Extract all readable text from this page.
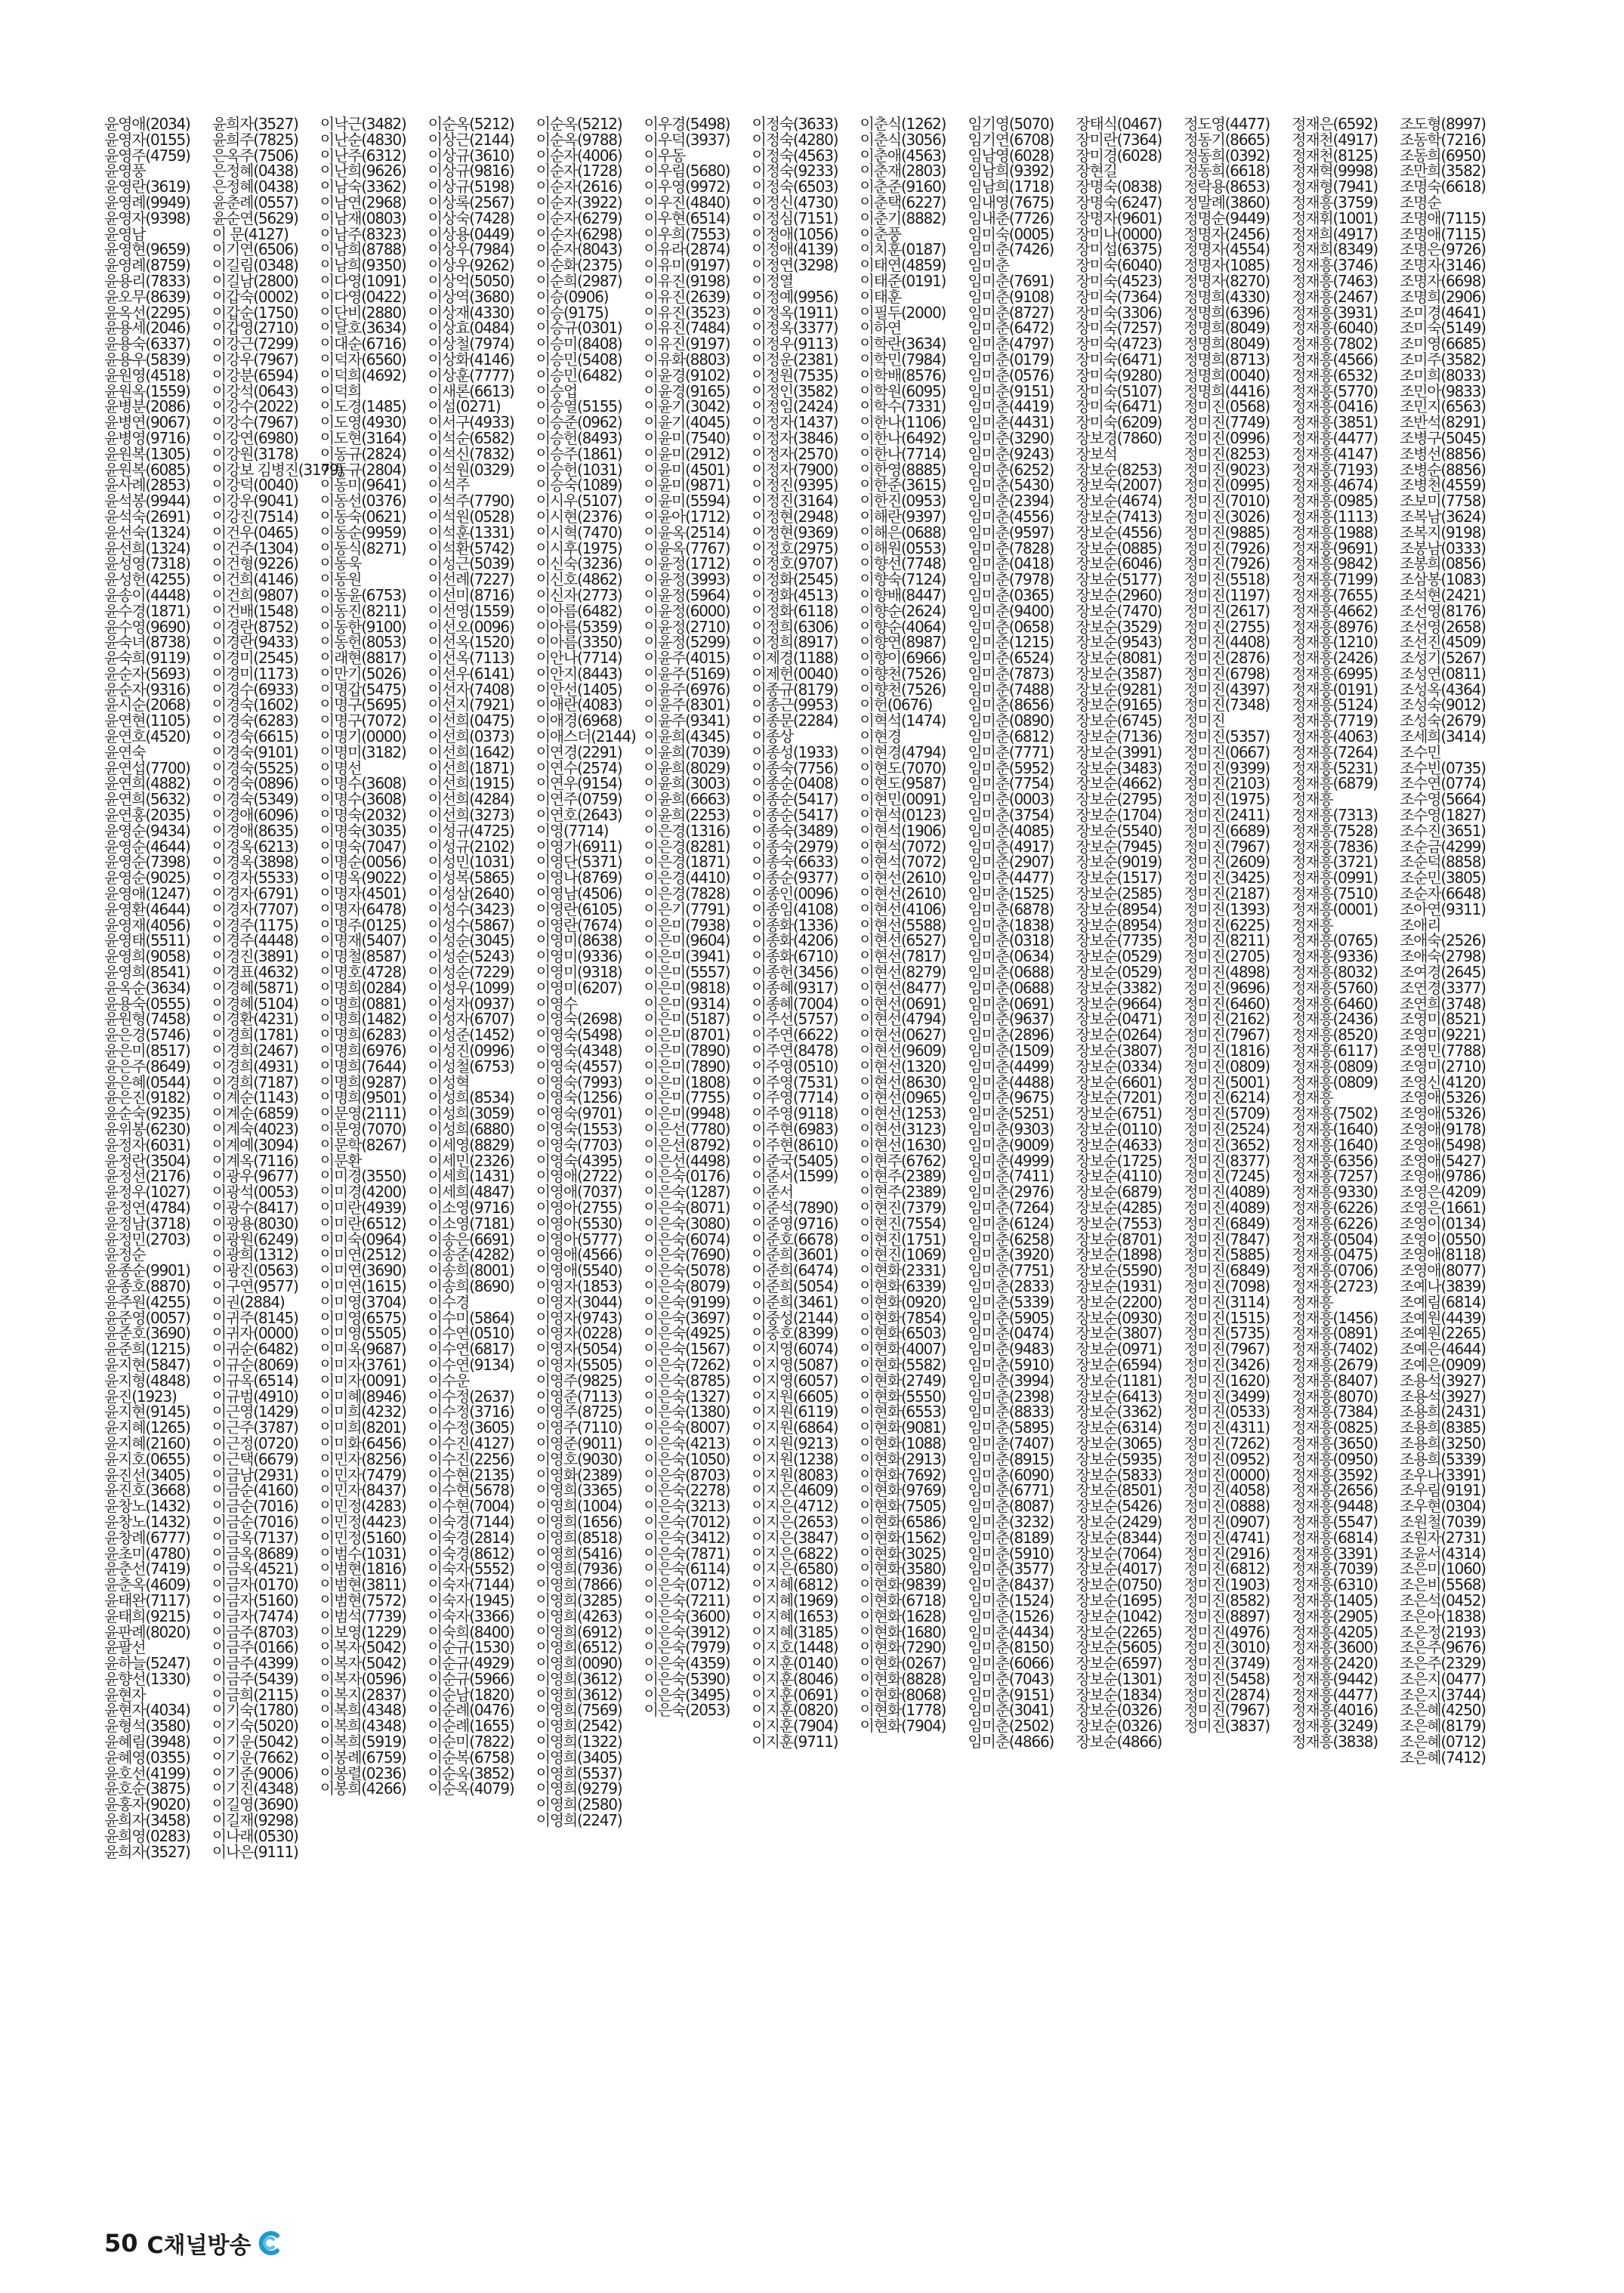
윤영애(2034)
윤영자(0155)
윤영주(4759)
윤영풍
윤영란(3619)
윤영례(9949)
윤영자(9398)
윤영남
윤영현(9659)
윤영례(8759)
윤용리(7833)
윤오무(8639)
윤옥선(2295)
윤용세(2046)
윤용숙(6337)
윤용우(5839)
윤원영(4518)
윤원옥(1559)
윤병분(2086)
윤병연(9067)
윤병영(9716)
윤원복(1305)
윤원복(6085)
윤사례(2853)
윤석봉(9944)
윤석숙(2691)
윤선숙(1324)
윤선희(1324)
윤성영(7318)
윤성헌(4255)
윤송이(4448)
윤수경(1871)
윤수영(9690)
윤숙녀(8738)
윤숙희(9119)
윤순자(5693)
윤순자(9316)
윤시순(2068)
윤연현(1105)
윤연호(4520)
윤연숙
윤연섭(7700)
윤연희(4882)
윤연희(5632)
윤연홍(2035)
윤영순(9434)
윤영순(4644)
윤영순(7398)
윤영순(9025)
윤영애(1247)
윤영환(4644)
윤영재(4056)
윤영태(5511)
윤영희(9058)
윤영희(8541)
윤옥순(3634)
윤용숙(0555)
윤원형(7458)
윤은경(5746)
윤은미(8517)
윤은주(8649)
윤은혜(0544)
윤은진(9182)
윤순숙(9235)
윤위봉(6230)
윤정자(6031)
윤정란(3504)
윤정선(2176)
윤정우(1027)
윤정연(4784)
윤정남(3718)
윤정민(2703)
윤정순
윤종순(9901)
윤종호(8870)
윤주원(4255)
윤준영(0057)
윤준호(3690)
윤준희(1215)
윤지현(5847)
윤지형(4848)
윤진(1923)
윤지현(9145)
윤지혜(1265)
윤지혜(2160)
윤지호(0655)
윤진선(3405)
윤진호(3668)
윤창노(1432)
윤창노(1432)
윤창례(6777)
윤초미(4780)
윤춘선(7419)
윤춘옥(4609)
윤태완(7117)
윤태희(9215)
윤판례(8020)
윤팔선
윤하늘(5247)
윤향선(1330)
윤현자
윤현자(4034)
윤형석(3580)
윤혜림(3948)
윤혜영(0355)
윤호선(4199)
윤호순(3875)
윤홍자(9020)
윤희자(3458)
윤희영(0283)
윤희자(3527)
윤희자(3527)
윤희주(7825)
은옥주(7506)
은정혜(0438)
은정혜(0438)
윤춘례(0557)
윤순연(5629)
이 문(4127)
이기연(6506)
이길림(0348)
이길남(2800)
이갑숙(0002)
이갑순(1750)
이갑영(2710)
이강근(7299)
이강우(7967)
이강분(6594)
이강석(0643)
이강수(2022)
이강수(7967)
이강연(6980)
이강원(3178)
이강보 김병진(3179)
이강덕(0040)
이강우(9041)
이강진(7514)
이건우(0465)
이건주(1304)
이건형(9226)
이건희(4146)
이건희(9807)
이건배(1548)
이경란(8752)
이경란(9433)
이경미(2545)
이경미(1173)
이경수(6933)
이경숙(1602)
이경숙(6283)
이경숙(6615)
이경숙(9101)
이경숙(5525)
이경숙(0896)
이경숙(5349)
이경애(6096)
이경애(8635)
이경옥(6213)
이경옥(3898)
이경자(5533)
이경자(6791)
이경자(7707)
이경주(1175)
이경주(4448)
이경진(3891)
이경표(4632)
이경혜(5871)
이경혜(5104)
이경환(4231)
이경희(1781)
이경희(2467)
이경희(4931)
이경희(7187)
이계순(1143)
이계순(6859)
이계숙(4023)
이계예(3094)
이계옥(7116)
이광우(9677)
이광석(0053)
이광수(8417)
이광용(8030)
이광원(6249)
이광희(1312)
이광진(0563)
이구연(9577)
이권(2884)
이귀주(8145)
이귀자(0000)
이귀순(6482)
이규순(8069)
이규옥(6514)
이규범(4910)
이근영(1429)
이근주(3787)
이근정(0720)
이근택(6679)
이금남(2931)
이금순(4160)
이금순(7016)
이금순(7016)
이금옥(7137)
이금옥(8689)
이금옥(4521)
이금자(0170)
이금자(5160)
이금자(7474)
이금주(8703)
이금주(0166)
이금주(4399)
이금주(5439)
이금희(2115)
이기숙(1780)
이기숙(5020)
이기운(5042)
이기운(7662)
이기준(9006)
이기진(4348)
이길영(3690)
이길재(9298)
이나래(0530)
이나은(9111)
이낙근(3482)
이난순(4830)
이난주(6312)
이난희(9626)
이남숙(3362)
이남연(2968)
이남재(0803)
이남주(8323)
이남희(8788)
이남희(9350)
이다영(1091)
이다영(0422)
이단비(2880)
이달호(3634)
이대순(6716)
이덕자(6560)
이덕희(4692)
이덕희
이도경(1485)
이도영(4930)
이도현(3164)
이동규(2824)
이동규(2804)
이동미(9641)
이동선(0376)
이동숙(0621)
이동순(9959)
이동식(8271)
이동욱
이동원
이동윤(6753)
이동진(8211)
이동한(9100)
이동헌(8053)
이래현(8817)
이만기(5026)
이명갑(5475)
이명구(5695)
이명구(7072)
이명기(0000)
이명미(3182)
이명선
이명수(3608)
이명수(3608)
이명숙(2032)
이명숙(3035)
이명숙(7047)
이명순(0056)
이명옥(9022)
이명자(4501)
이명자(6478)
이명주(0125)
이명재(5407)
이명철(8587)
이명호(4728)
이명희(0284)
이명희(0881)
이명희(1482)
이명희(6283)
이명희(6976)
이명희(7644)
이명희(9287)
이명희(9501)
이문영(2111)
이문영(7070)
이문학(8267)
이문환
이미경(3550)
이미경(4200)
이미란(4939)
이미란(6512)
이미숙(0964)
이미연(2512)
이미연(3690)
이미연(1615)
이미영(3704)
이미영(6575)
이미영(5505)
이미옥(9687)
이미자(3761)
이미자(0091)
이미혜(8946)
이미희(4232)
이미희(8201)
이미화(6456)
이민자(8256)
이민자(7479)
이민자(8437)
이민정(4283)
이민정(4423)
이민정(5160)
이범수(1031)
이범현(1816)
이범현(3811)
이범현(7572)
이범석(7739)
이보영(1229)
이복자(5042)
이복자(5042)
이복자(0596)
이복지(2837)
이복희(4348)
이복희(4348)
이복희(5919)
이봉례(6759)
이봉렬(0236)
이봉희(4266)
이순옥(5212)
이상근(2144)
이상규(3610)
이상규(9816)
이상규(5198)
이상록(2567)
이상숙(7428)
이상용(0449)
이상우(7984)
이상우(9262)
이상억(5050)
이상역(3680)
이상재(4330)
이상효(0484)
이상철(7974)
이상화(4146)
이상훈(7777)
이새론(6613)
이섬(0271)
이서구(4933)
이석순(6582)
이석신(7832)
이석원(0329)
이석주
이석주(7790)
이석원(0528)
이석훈(1331)
이석환(5742)
이성근(5039)
이선례(7227)
이선미(8716)
이선영(1559)
이선오(0096)
이선옥(1520)
이선옥(7113)
이선우(6141)
이선자(7408)
이선지(7921)
이선희(0475)
이선희(0373)
이선희(1642)
이선희(1871)
이선희(1915)
이선희(4284)
이선희(3273)
이성규(4725)
이성규(2102)
이성민(1031)
이성복(5865)
이성삼(2640)
이성수(3423)
이성수(5867)
이성순(3045)
이성순(5243)
이성순(7229)
이성우(1099)
이성자(0937)
이성자(6707)
이성준(1452)
이성진(0996)
이성철(6753)
이성혁
이성희(8534)
이성희(3059)
이성희(6880)
이세영(8829)
이세민(2326)
이세희(1431)
이세희(4847)
이소영(9716)
이소영(7181)
이송은(6691)
이송준(4282)
이송희(8001)
이송희(8690)
이수경
이수미(5864)
이수연(0510)
이수연(6817)
이수연(9134)
이수운
이수정(2637)
이수정(3716)
이수정(3605)
이수진(4127)
이수진(2256)
이수현(2135)
이수현(5678)
이수현(7004)
이숙경(7144)
이숙경(2814)
이숙경(8612)
이숙자(5552)
이숙자(7144)
이숙자(1945)
이숙자(3366)
이숙희(8400)
이순규(1530)
이순규(4929)
이순규(5966)
이순남(1820)
이순례(0476)
이순례(1655)
이순미(7822)
이순복(6758)
이순옥(3852)
이순옥(4079)
이순옥(5212)
이순옥(9788)
이순자(4006)
이순자(1728)
이순자(2616)
이순자(3922)
이순자(6279)
이순자(6298)
이순자(8043)
이순화(2375)
이순희(2987)
이승(0906)
이승(9175)
이승규(0301)
이승미(8408)
이승민(5408)
이승민(6482)
이승업
이승열(5155)
이승준(0962)
이승헌(8493)
이승주(1861)
이승헌(1031)
이승숙(1089)
이시우(5107)
이시현(2376)
이시혁(7470)
이시후(1975)
이신숙(3236)
이신호(4862)
이신자(2773)
이아름(6482)
이아름(5359)
이아름(3350)
이안나(7714)
이안지(8443)
이안선(1405)
이애란(4083)
이애경(6968)
이애스더(2144)
이연경(2291)
이연수(2574)
이연우(9154)
이연주(0759)
이연호(2643)
이영(7714)
이영가(6911)
이영단(5371)
이영나(8769)
이영남(4506)
이영란(6105)
이영란(7674)
이영미(8638)
이영미(9336)
이영미(9318)
이영미(6207)
이영수
이영숙(2698)
이영숙(5498)
이영숙(4348)
이영숙(4557)
이영숙(7993)
이영숙(1256)
이영숙(9701)
이영숙(1553)
이영숙(7703)
이영숙(4395)
이영애(2722)
이영애(7037)
이영아(2755)
이영아(5530)
이영아(5777)
이영애(4566)
이영애(5540)
이영자(1853)
이영자(3044)
이영자(9743)
이영자(0228)
이영자(5054)
이영자(5505)
이영주(9825)
이영준(7113)
이영주(8725)
이영주(7110)
이영준(9011)
이영호(9030)
이영화(2389)
이영희(3365)
이영희(1004)
이영희(1656)
이영희(8518)
이영희(5416)
이영희(7936)
이영희(7866)
이영희(3285)
이영희(4263)
이영희(6912)
이영희(6512)
이영희(0090)
이영희(3612)
이영희(3612)
이영희(7569)
이영희(2542)
이영희(1322)
이영희(3405)
이영희(5537)
이영희(9279)
이영희(2580)
이영희(2247)
이우경(5498)
이우덕(3937)
이우동
이우림(5680)
이우영(9972)
이우진(4840)
이우현(6514)
이우희(7553)
이유라(2874)
이유미(9197)
이유진(9198)
이유진(2639)
이유진(3523)
이유진(7484)
이유진(9197)
이유화(8803)
이윤경(9102)
이윤경(9165)
이윤기(3042)
이윤기(4045)
이윤미(7540)
이윤미(2912)
이윤미(4501)
이윤미(9871)
이윤미(5594)
이윤아(1712)
이윤옥(2514)
이윤옥(7767)
이윤정(1712)
이윤정(3993)
이윤정(5964)
이윤정(6000)
이윤정(2710)
이윤정(5299)
이윤주(4015)
이윤주(5169)
이윤주(6976)
이윤주(8301)
이윤주(9341)
이윤희(4345)
이윤희(7039)
이윤희(8029)
이윤희(3003)
이윤희(6663)
이윤희(2253)
이은경(1316)
이은경(8281)
이은경(1871)
이은경(4410)
이은경(7828)
이은기(7791)
이은미(7938)
이은미(9604)
이은미(3941)
이은미(5557)
이은미(9818)
이은미(9314)
이은미(5187)
이은미(8701)
이은미(7890)
이은미(7890)
이은미(1808)
이은미(7755)
이은미(9948)
이은선(7780)
이은선(8792)
이은선(4498)
이은숙(0176)
이은숙(1287)
이은숙(8071)
이은숙(3080)
이은숙(6074)
이은숙(7690)
이은숙(5078)
이은숙(8079)
이은숙(9199)
이은숙(3697)
이은숙(4925)
이은숙(1567)
이은숙(7262)
이은숙(8785)
이은숙(1327)
이은숙(1380)
이은숙(8007)
이은숙(4213)
이은숙(1050)
이은숙(8703)
이은숙(2278)
이은숙(3213)
이은숙(7012)
이은숙(3412)
이은숙(7871)
이은숙(6114)
이은숙(0712)
이은숙(7211)
이은숙(3600)
이은숙(3912)
이은숙(7979)
이은숙(4359)
이은숙(5390)
이은숙(3495)
이은숙(2053)
이정숙(3633)
이정숙(4280)
이정숙(4563)
이정숙(9233)
이정숙(6503)
이정신(4730)
이정심(7151)
이정애(1056)
이정애(4139)
이정연(3298)
이정열
이정예(9956)
이정옥(1911)
이정옥(3377)
이정우(9113)
이정운(2381)
이정원(7535)
이정인(3582)
이정임(2424)
이정자(1437)
이정자(3846)
이정자(2570)
이정자(7900)
이정진(9395)
이정진(3164)
이정현(2948)
이정현(9369)
이정호(2975)
이정호(9707)
이정화(2545)
이정화(4513)
이정화(6118)
이정희(6306)
이정희(8917)
이제경(1188)
이제헌(0040)
이종규(8179)
이종근(9953)
이종문(2284)
이종상
이종성(1933)
이종숙(7756)
이종순(0408)
이종순(5417)
이종순(5417)
이종숙(3489)
이종숙(2979)
이종숙(6633)
이종순(9377)
이종인(0096)
이종임(4108)
이종화(1336)
이종화(4206)
이종화(6710)
이종헌(3456)
이종혜(9317)
이종혜(7004)
이주선(5757)
이주연(6622)
이주연(8478)
이주영(0510)
이주영(7531)
이주영(7714)
이주영(9118)
이주현(6983)
이주현(8610)
이준국(5405)
이준서(1599)
이준서
이준석(7890)
이준영(9716)
이준호(6678)
이준희(3601)
이준희(6474)
이준희(5054)
이준희(3461)
이중성(2144)
이중호(8399)
이지영(6074)
이지영(5087)
이지영(6057)
이지원(6605)
이지원(6119)
이지원(6864)
이지원(9213)
이지원(1238)
이지원(8083)
이지은(4609)
이지은(4712)
이지은(2653)
이지은(3847)
이지은(6822)
이지은(6580)
이지혜(6812)
이지혜(1969)
이지혜(1653)
이지혜(3185)
이지호(1448)
이지훈(0140)
이지훈(8046)
이지훈(0691)
이지훈(0820)
이지훈(7904)
이지훈(9711)
이춘식(1262)
이춘식(3056)
이춘애(4563)
이춘재(2803)
이춘준(9160)
이춘택(6227)
이춘기(8882)
이춘풍
이치훈(0187)
이태연(4859)
이태준(0191)
이태훈
이필두(2000)
이하연
이학란(3634)
이학민(7984)
이학배(8576)
이학원(6095)
이학수(7331)
이한나(1106)
이한나(6492)
이한나(7714)
이한영(8885)
이한준(3615)
이한진(0953)
이해란(9397)
이해은(0688)
이해원(0553)
이향선(7748)
이향숙(7124)
이향배(8447)
이향순(2624)
이향순(4064)
이향연(8987)
이향이(6966)
이향천(7526)
이향천(7526)
이헌(0676)
이혁석(1474)
이현경
이현경(4794)
이현도(7070)
이현도(9587)
이현민(0091)
이현석(0123)
이현석(1906)
이현석(7072)
이현석(7072)
이현선(2610)
이현선(2610)
이현선(4106)
이현선(5588)
이현선(6527)
이현선(7817)
이현선(8279)
이현선(8477)
이현선(0691)
이현선(4794)
이현선(0627)
이현선(9609)
이현선(1320)
이현선(8630)
이현선(0965)
이현선(1253)
이현선(3123)
이현선(1630)
이현주(6762)
이현주(2389)
이현주(2389)
이현진(7379)
이현진(7554)
이현진(1751)
이현진(1069)
이현화(2331)
이현화(6339)
이현화(0920)
이현화(7854)
이현화(6503)
이현화(4007)
이현화(5582)
이현화(2749)
이현화(5550)
이현화(6553)
이현화(9081)
이현화(1088)
이현화(2913)
이현화(7692)
이현화(9769)
이현화(7505)
이현화(6586)
이현화(1562)
이현화(3025)
이현화(3580)
이현화(9839)
이현화(6718)
이현화(1628)
이현화(1680)
이현화(7290)
이현화(0267)
이현화(8828)
이현화(8068)
이현화(1778)
이현화(7904)
임기영(5070)
임기연(6708)
임남영(6028)
임남희(9392)
임남희(1718)
임내영(7675)
임내춘(7726)
임미숙(0005)
임미춘(7426)
임미춘
임미춘(7691)
임미춘(9108)
임미춘(8727)
임미춘(6472)
임미춘(4797)
임미춘(0179)
임미춘(0576)
임미춘(9151)
임미춘(4419)
임미춘(4431)
임미춘(3290)
임미춘(9243)
임미춘(6252)
임미춘(5430)
임미춘(2394)
임미춘(4556)
임미춘(9597)
임미춘(7828)
임미춘(0418)
임미춘(7978)
임미춘(0365)
임미춘(9400)
임미춘(0658)
임미춘(1215)
임미춘(6524)
임미춘(7873)
임미춘(7488)
임미춘(8656)
임미춘(0890)
임미춘(6812)
임미춘(7771)
임미춘(5952)
임미춘(7754)
임미춘(0003)
임미춘(3754)
임미춘(4085)
임미춘(4917)
임미춘(2907)
임미춘(4477)
임미춘(1525)
임미춘(6878)
임미춘(1838)
임미춘(0318)
임미춘(0634)
임미춘(0688)
임미춘(0688)
임미춘(0691)
임미춘(9637)
임미춘(2896)
임미춘(1509)
임미춘(4499)
임미춘(4488)
임미춘(9675)
임미춘(5251)
임미춘(9303)
임미춘(9009)
임미춘(4999)
임미춘(7411)
임미춘(2976)
임미춘(7264)
임미춘(6124)
임미춘(6258)
임미춘(3920)
임미춘(7751)
임미춘(2833)
임미춘(5339)
임미춘(5905)
임미춘(0474)
임미춘(9483)
임미춘(5910)
임미춘(3994)
임미춘(2398)
임미춘(8833)
임미춘(5895)
임미춘(7407)
임미춘(8915)
임미춘(6090)
임미춘(6771)
임미춘(8087)
임미춘(3232)
임미춘(8189)
임미춘(5910)
임미춘(3577)
임미춘(8437)
임미춘(1524)
임미춘(1526)
임미춘(4434)
임미춘(8150)
임미춘(6066)
임미춘(7043)
임미춘(9151)
임미춘(3041)
임미춘(2502)
임미춘(4866)
장태식(0467)
장미란(7364)
장미경(6028)
장현길
장명숙(0838)
장명숙(6247)
장명자(9601)
장미나(0000)
장미섭(6375)
장미숙(6040)
장미숙(4523)
장미숙(7364)
장미숙(3306)
장미숙(7257)
장미숙(4723)
장미숙(6471)
장미숙(9280)
장미숙(5107)
장미숙(6471)
장미숙(6209)
장보경(7860)
장보석
장보순(8253)
장보숙(2007)
장보순(4674)
장보순(7413)
장보순(4556)
장보순(0885)
장보순(6046)
장보순(5177)
장보순(2960)
장보순(7470)
장보순(3529)
장보순(9543)
장보순(8081)
장보순(3587)
장보순(9281)
장보순(9165)
장보순(6745)
장보순(7136)
장보순(3991)
장보순(3483)
장보순(4662)
장보순(2795)
장보순(1704)
장보순(5540)
장보순(7945)
장보순(9019)
장보순(1517)
장보순(2585)
장보순(8954)
장보순(8954)
장보순(7735)
장보순(0529)
장보순(0529)
장보순(3382)
장보순(9664)
장보순(0471)
장보순(0264)
장보순(3807)
장보순(0334)
장보순(6601)
장보순(7201)
장보순(6751)
장보순(0110)
장보순(4633)
장보순(1725)
장보순(4110)
장보순(6879)
장보순(4285)
장보순(7553)
장보순(8701)
장보순(1898)
장보순(5590)
장보순(1931)
장보순(2200)
장보순(0930)
장보순(3807)
장보순(0971)
장보순(6594)
장보순(1181)
장보순(6413)
장보순(3362)
장보순(6314)
장보순(3065)
장보순(5935)
장보순(5833)
장보순(8501)
장보순(5426)
장보순(2429)
장보순(8344)
장보순(7064)
장보순(4017)
장보순(0750)
장보순(1695)
장보순(1042)
장보순(2265)
장보순(5605)
장보순(6597)
장보순(1301)
장보순(1834)
장보순(0326)
장보순(0326)
장보순(4866)
정도영(4477)
정동기(8665)
정동희(0392)
정동희(6618)
정락용(8653)
정말례(3860)
정명순(9449)
정명자(2456)
정명자(4554)
정명자(1085)
정명자(8270)
정명희(4330)
정명희(6396)
정명희(8049)
정명희(8049)
정명희(8713)
정명희(0040)
정명희(4416)
정미진(0568)
정미진(7749)
정미진(0996)
정미진(8253)
정미진(9023)
정미진(0995)
정미진(7010)
정미진(3026)
정미진(9885)
정미진(7926)
정미진(7926)
정미진(5518)
정미진(1197)
정미진(2617)
정미진(2755)
정미진(4408)
정미진(2876)
정미진(6798)
정미진(4397)
정미진(7348)
정미진
정미진(5357)
정미진(0667)
정미진(9399)
정미진(2103)
정미진(1975)
정미진(2411)
정미진(6689)
정미진(7967)
정미진(2609)
정미진(3425)
정미진(2187)
정미진(1393)
정미진(6225)
정미진(8211)
정미진(2705)
정미진(4898)
정미진(9696)
정미진(6460)
정미진(2162)
정미진(7967)
정미진(1816)
정미진(0809)
정미진(5001)
정미진(6214)
정미진(5709)
정미진(2524)
정미진(3652)
정미진(8377)
정미진(7245)
정미진(4089)
정미진(4089)
정미진(6849)
정미진(7847)
정미진(5885)
정미진(6849)
정미진(7098)
정미진(3114)
정미진(1515)
정미진(5735)
정미진(7967)
정미진(3426)
정미진(1620)
정미진(3499)
정미진(0533)
정미진(4311)
정미진(7262)
정미진(0952)
정미진(0000)
정미진(4058)
정미진(0888)
정미진(0907)
정미진(4741)
정미진(2916)
정미진(6812)
정미진(1903)
정미진(8582)
정미진(8897)
정미진(4976)
정미진(3010)
정미진(3749)
정미진(5458)
정미진(2874)
정미진(7967)
정미진(3837)
정재은(6592)
정재천(4917)
정재천(8125)
정재혁(9998)
정재형(7941)
정재흥(3759)
정재휘(1001)
정재희(4917)
정재희(8349)
정재흥(3746)
정재흥(7463)
정재흥(2467)
정재흥(3931)
정재흥(6040)
정재흥(7802)
정재흥(4566)
정재흥(6532)
정재흥(5770)
정재흥(0416)
정재흥(3851)
정재흥(4477)
정재흥(4147)
정재흥(7193)
정재흥(4674)
정재흥(0985)
정재흥(1113)
정재흥(1988)
정재흥(9691)
정재흥(9842)
정재흥(7199)
정재흥(7655)
정재흥(4662)
정재흥(8976)
정재흥(1210)
정재흥(2426)
정재흥(6995)
정재흥(0191)
정재흥(5124)
정재흥(7719)
정재흥(4063)
정재흥(7264)
정재흥(5231)
정재흥(6879)
정재흥
정재흥(7313)
정재흥(7528)
정재흥(7836)
정재흥(3721)
정재흥(0991)
정재흥(7510)
정재흥(0001)
정재흥
정재흥(0765)
정재흥(9336)
정재흥(8032)
정재흥(5760)
정재흥(6460)
정재흥(2436)
정재흥(8520)
정재흥(6117)
정재흥(0809)
정재흥(0809)
정재흥
정재흥(7502)
정재흥(1640)
정재흥(1640)
정재흥(6356)
정재흥(7257)
정재흥(9330)
정재흥(6226)
정재흥(6226)
정재흥(0504)
정재흥(0475)
정재흥(0706)
정재흥(2723)
정재흥
정재흥(1456)
정재흥(0891)
정재흥(7402)
정재흥(2679)
정재흥(8407)
정재흥(8070)
정재흥(7384)
정재흥(0825)
정재흥(3650)
정재흥(0950)
정재흥(3592)
정재흥(2656)
정재흥(9448)
정재흥(5547)
정재흥(6814)
정재흥(3391)
정재흥(7039)
정재흥(6310)
정재흥(1405)
정재흥(2905)
정재흥(4205)
정재흥(3600)
정재흥(2420)
정재흥(9442)
정재흥(4477)
정재흥(4016)
정재흥(3249)
정재흥(3838)
조도형(8997)
조동학(7216)
조동희(6950)
조만희(3582)
조명숙(6618)
조명순
조명애(7115)
조명애(7115)
조명은(9726)
조명자(3146)
조명자(6698)
조명희(2906)
조미경(4641)
조미숙(5149)
조미영(6685)
조미주(3582)
조미희(8033)
조민아(9833)
조민지(6563)
조반석(8291)
조병구(5045)
조병선(8856)
조병순(8856)
조병천(4559)
조보미(7758)
조복남(3624)
조복지(9198)
조봉남(0333)
조봉희(0856)
조삼봉(1083)
조석현(2421)
조선영(8176)
조선영(2658)
조선진(4509)
조성기(5267)
조성연(0811)
조성옥(4364)
조성숙(9012)
조성숙(2679)
조세희(3414)
조수민
조수빈(0735)
조수연(0774)
조수영(5664)
조수영(1827)
조수진(3651)
조순금(4299)
조순덕(8858)
조순민(3805)
조순자(6648)
조아연(9311)
조애리
조애숙(2526)
조애숙(2798)
조여경(2645)
조연경(3377)
조연희(3748)
조영미(8521)
조영미(9221)
조영민(7788)
조영미(2710)
조영신(4120)
조영애(5326)
조영애(5326)
조영애(9178)
조영애(5498)
조영애(5427)
조영애(9786)
조영은(4209)
조영은(1661)
조영이(0134)
조영이(0550)
조영애(8118)
조영애(8077)
조예나(3839)
조예림(6814)
조예원(4439)
조예원(2265)
조예은(4644)
조예은(0909)
조용석(3927)
조용석(3927)
조용희(2431)
조용희(8385)
조용희(3250)
조용희(5339)
조우나(3391)
조우림(9191)
조우현(0304)
조원철(7039)
조원자(2731)
조윤서(4314)
조은미(1060)
조은비(5568)
조은석(0452)
조은아(1838)
조은정(2193)
조은주(9676)
조은주(2329)
조은지(0477)
조은지(3744)
조은혜(4250)
조은혜(8179)
조은혜(0712)
조은혜(7412)
50 C채널방송
